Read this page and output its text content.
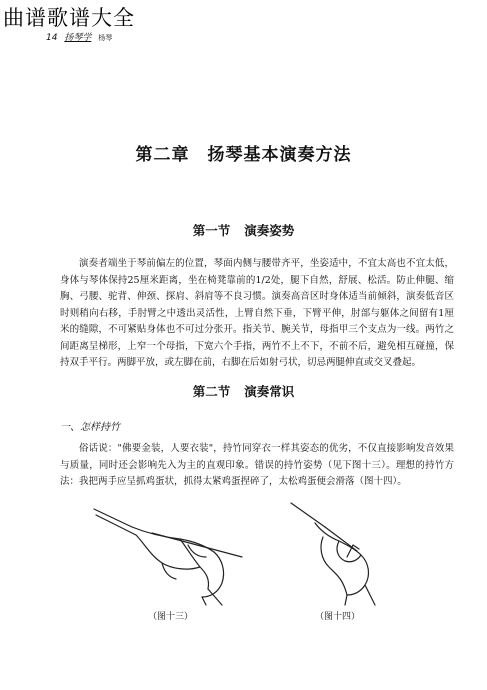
曲谱歌谱大全
14 扬琴学 杨琴
第二章　扬琴基本演奏方法
第一节 演奏姿势

演奏者端坐于琴前偏左的位置，琴面内侧与腰带齐平，坐姿适中，不宜太高也不宜太低，身体与琴体保持25厘米距离，坐在椅凳靠前的1/2处，腿下自然，舒展、松活。防止伸腿、缩胸、弓腰、驼背、伸颈、探肩、斜肩等不良习惯。演奏高音区时身体适当前倾斜，演奏低音区时则稍向右移，手肘臂之中透出灵活性，上臂自然下垂，下臂平伸，肘部与躯体之间留有1厘米的缝隙，不可紧贴身体也不可过分张开。指关节、腕关节，母指甲三个支点为一线。两竹之间距离呈梯形，上窄一个母指，下宽六个手指，两竹不上不下，不前不后，避免相互碰撞，保持双手平行。两脚平放，或左脚在前，右脚在后如射弓状，切忌两腿伸直或交叉叠起。

第二节 演奏常识
一、怎样持竹

俗话说："佛要金装，人要衣装"，持竹同穿衣一样其姿态的优劣，不仅直接影响发音效果与质量，同时还会影响先入为主的直观印象。错误的持竹姿势（见下图十三）。理想的持竹方法：我把两手应呈抓鸡蛋状，抓得太紧鸡蛋捏碎了，太松鸡蛋便会滑落（图十四）。

（图十三）	（图十四）
